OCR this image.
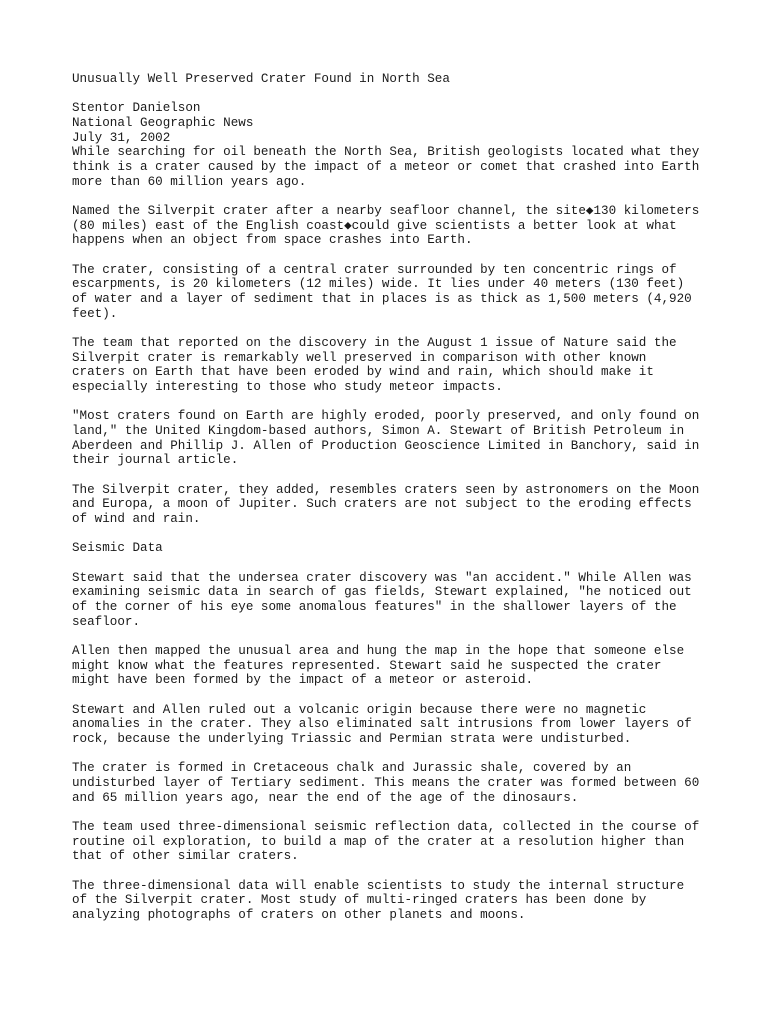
Unusually Well Preserved Crater Found in North Sea
Stentor Danielson
National Geographic News
July 31, 2002
While searching for oil beneath the North Sea, British geologists located what they
think is a crater caused by the impact of a meteor or comet that crashed into Earth
more than 60 million years ago.
Named the Silverpit crater after a nearby seafloor channel, the site◆130 kilometers
(80 miles) east of the English coast◆could give scientists a better look at what
happens when an object from space crashes into Earth.
The crater, consisting of a central crater surrounded by ten concentric rings of
escarpments, is 20 kilometers (12 miles) wide. It lies under 40 meters (130 feet)
of water and a layer of sediment that in places is as thick as 1,500 meters (4,920
feet).
The team that reported on the discovery in the August 1 issue of Nature said the
Silverpit crater is remarkably well preserved in comparison with other known
craters on Earth that have been eroded by wind and rain, which should make it
especially interesting to those who study meteor impacts.
"Most craters found on Earth are highly eroded, poorly preserved, and only found on
land," the United Kingdom-based authors, Simon A. Stewart of British Petroleum in
Aberdeen and Phillip J. Allen of Production Geoscience Limited in Banchory, said in
their journal article.
The Silverpit crater, they added, resembles craters seen by astronomers on the Moon
and Europa, a moon of Jupiter. Such craters are not subject to the eroding effects
of wind and rain.
Seismic Data
Stewart said that the undersea crater discovery was "an accident." While Allen was
examining seismic data in search of gas fields, Stewart explained, "he noticed out
of the corner of his eye some anomalous features" in the shallower layers of the
seafloor.
Allen then mapped the unusual area and hung the map in the hope that someone else
might know what the features represented. Stewart said he suspected the crater
might have been formed by the impact of a meteor or asteroid.
Stewart and Allen ruled out a volcanic origin because there were no magnetic
anomalies in the crater. They also eliminated salt intrusions from lower layers of
rock, because the underlying Triassic and Permian strata were undisturbed.
The crater is formed in Cretaceous chalk and Jurassic shale, covered by an
undisturbed layer of Tertiary sediment. This means the crater was formed between 60
and 65 million years ago, near the end of the age of the dinosaurs.
The team used three-dimensional seismic reflection data, collected in the course of
routine oil exploration, to build a map of the crater at a resolution higher than
that of other similar craters.
The three-dimensional data will enable scientists to study the internal structure
of the Silverpit crater. Most study of multi-ringed craters has been done by
analyzing photographs of craters on other planets and moons.
